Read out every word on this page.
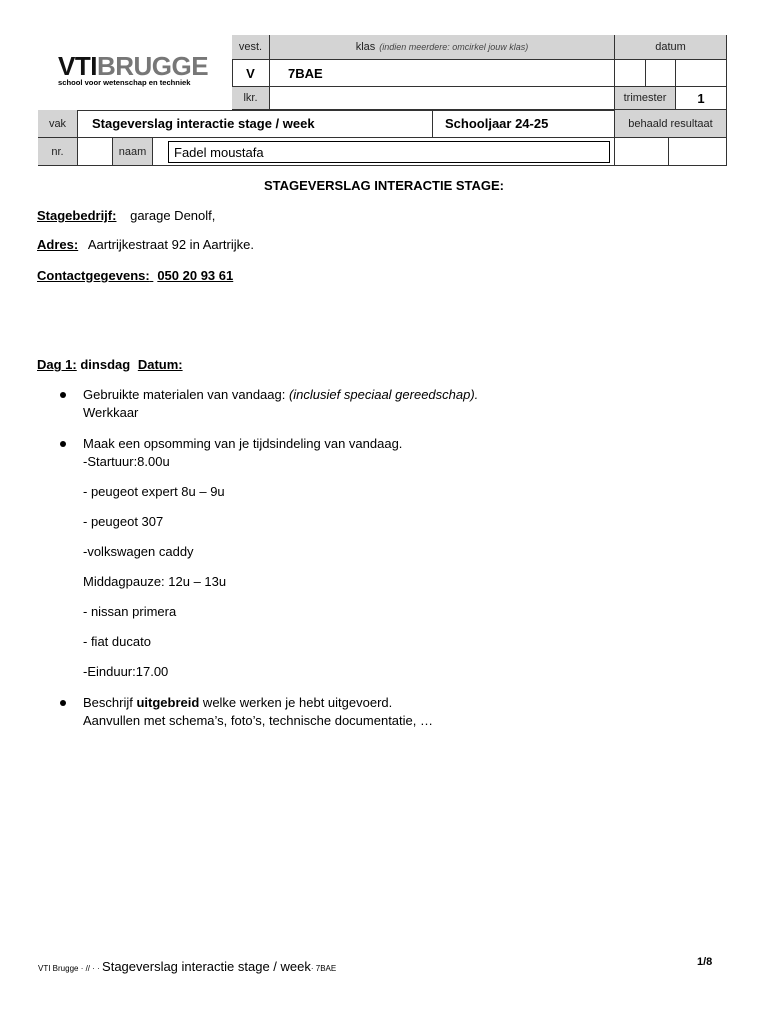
VTIBRUGGE
school voor wetenschap en techniek
vest.	klas (indien meerdere: omcirkel jouw klas)	datum
V	7BAE
lkr.	trimester	1
vak	Stageverslag interactie stage / week	Schooljaar 24-25	behaald resultaat
nr.	naam	Fadel moustafa
STAGEVERSLAG INTERACTIE STAGE:
Stagebedrijf: garage Denolf,
Adres: Aartrijkestraat 92 in Aartrijke.
Contactgegevens: 050 20 93 61
Dag 1: dinsdag Datum:
Gebruikte materialen van vandaag: (inclusief speciaal gereedschap).
Werkkaar
Maak een opsomming van je tijdsindeling van vandaag.
-Startuur:8.00u
- peugeot expert 8u – 9u
- peugeot 307
-volkswagen caddy
Middagpauze: 12u – 13u
- nissan primera
- fiat ducato
-Einduur:17.00
Beschrijf uitgebreid welke werken je hebt uitgevoerd.
Aanvullen met schema’s, foto’s, technische documentatie, …
VTI Brugge · // · · Stageverslag interactie stage / week· 7BAE
1/8
